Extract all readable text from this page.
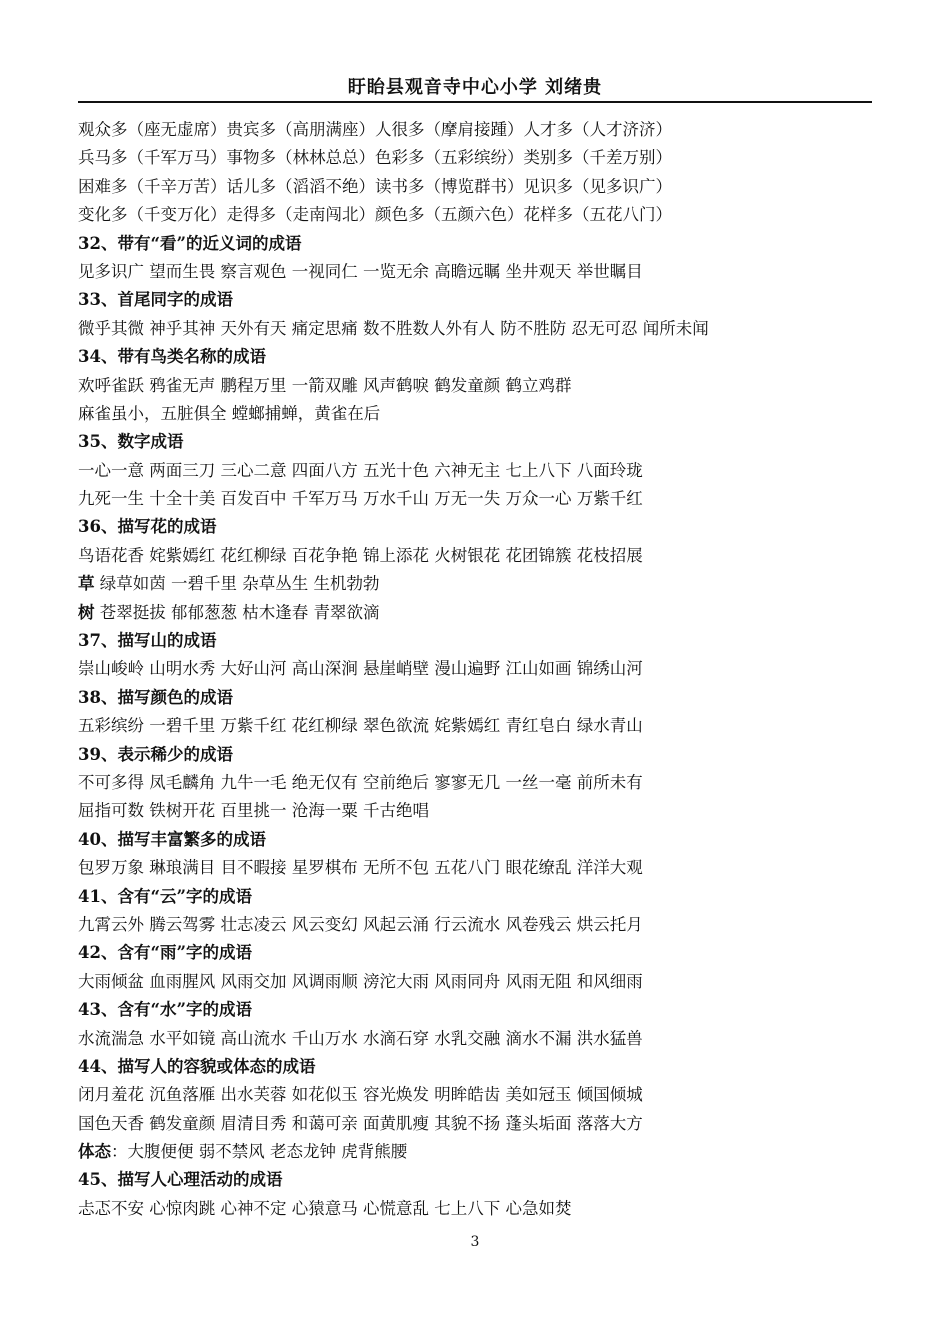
盱眙县观音寺中心小学 刘绪贵
观众多（座无虚席）贵宾多（高朋满座）人很多（摩肩接踵）人才多（人才济济）
兵马多（千军万马）事物多（林林总总）色彩多（五彩缤纷）类别多（千差万别）
困难多（千辛万苦）话儿多（滔滔不绝）读书多（博览群书）见识多（见多识广）
变化多（千变万化）走得多（走南闯北）颜色多（五颜六色）花样多（五花八门）
32、带有“看”的近义词的成语
见多识广 望而生畏 察言观色 一视同仁 一览无余 高瞻远瞩 坐井观天 举世瞩目
33、首尾同字的成语
微乎其微 神乎其神 天外有天 痛定思痛 数不胜数人外有人 防不胜防 忍无可忍 闻所未闻
34、带有鸟类名称的成语
欢呼雀跃 鸦雀无声 鹏程万里 一箭双雕 风声鹤唳 鹤发童颜 鹤立鸡群
麻雀虽小，五脏俱全 螳螂捕蝉，黄雀在后
35、数字成语
一心一意 两面三刀 三心二意 四面八方 五光十色 六神无主 七上八下 八面玲珑
九死一生 十全十美 百发百中 千军万马 万水千山 万无一失 万众一心 万紫千红
36、描写花的成语
鸟语花香 姹紫嫣红 花红柳绿 百花争艳 锦上添花 火树银花 花团锦簇 花枝招展
草 绿草如茵 一碧千里 杂草丛生 生机勃勃
树 苍翠挺拔 郁郁葱葱 枯木逢春 青翠欲滴
37、描写山的成语
崇山峻岭 山明水秀 大好山河 高山深涧 悬崖峭壁 漫山遍野 江山如画 锦绣山河
38、描写颜色的成语
五彩缤纷 一碧千里 万紫千红 花红柳绿 翠色欲流 姹紫嫣红 青红皂白 绿水青山
39、表示稀少的成语
不可多得 凤毛麟角 九牛一毛 绝无仅有 空前绝后 寥寥无几 一丝一毫 前所未有
屈指可数 铁树开花 百里挑一 沧海一粟 千古绝唱
40、描写丰富繁多的成语
包罗万象 琳琅满目 目不暇接 星罗棋布 无所不包 五花八门 眼花缭乱 洋洋大观
41、含有“云”字的成语
九霄云外 腾云驾雾 壮志凌云 风云变幻 风起云涌 行云流水 风卷残云 烘云托月
42、含有“雨”字的成语
大雨倾盆 血雨腥风 风雨交加 风调雨顺 滂沱大雨 风雨同舟 风雨无阻 和风细雨
43、含有“水”字的成语
水流湍急 水平如镜 高山流水 千山万水 水滴石穿 水乳交融 滴水不漏 洪水猛兽
44、描写人的容貌或体态的成语
闭月羞花 沉鱼落雁 出水芙蓉 如花似玉 容光焕发 明眸皓齿 美如冠玉 倾国倾城
国色天香 鹤发童颜 眉清目秀 和蔼可亲 面黄肌瘦 其貌不扬 蓬头垢面 落落大方
体态：大腹便便 弱不禁风 老态龙钟 虎背熊腰
45、描写人心理活动的成语
忐忑不安 心惊肉跳 心神不定 心猿意马 心慌意乱 七上八下 心急如焚
3
